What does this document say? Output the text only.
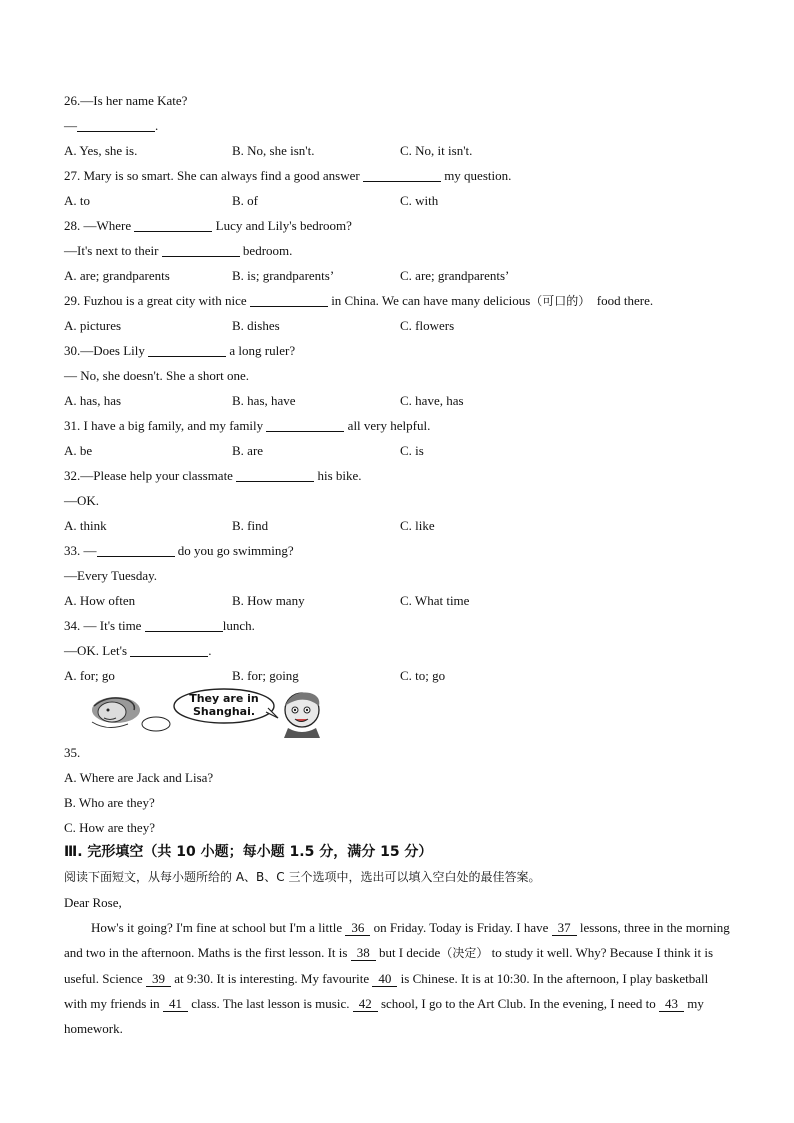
26.—Is her name Kate?
—	.
A. Yes, she is.	B. No, she isn't.	C. No, it isn't.
27. Mary is so smart. She can always find a good answer	my question.
A. to	B. of	C. with
28. —Where	Lucy and Lily's bedroom?
—It's next to their	bedroom.
A. are; grandparents	B. is; grandparents’	C. are; grandparents’
29. Fuzhou is a great city with nice	in China. We can have many delicious（可口的） food there.
A. pictures	B. dishes	C. flowers
30.—Does Lily	a long ruler?
— No, she doesn't. She a short one.
A. has, has	B. has, have	C. have, has
31. I have a big family, and my family	all very helpful.
A. be	B. are	C. is
32.—Please help your classmate	his bike.
—OK.
A. think	B. find	C. like
33. —	do you go swimming?
—Every Tuesday.
A. How often	B. How many	C. What time
34. — It's time	lunch.
—OK. Let's	.
A. for; go	B. for; going	C. to; go
They are in
Shanghai.
35.
A. Where are Jack and Lisa?
B. Who are they?
C. How are they?
Ⅲ. 完形填空（共 10 小题；每小题 1.5 分，满分 15 分）
阅读下面短文，从每小题所给的 A、B、C 三个选项中，选出可以填入空白处的最佳答案。
Dear Rose,
How's it going? I'm fine at school but I'm a little 36 on Friday. Today is Friday. I have 37 lessons, three in the morning and two in the afternoon. Maths is the first lesson. It is 38 but I decide（决定） to study it well. Why? Because I think it is useful. Science 39 at 9:30. It is interesting. My favourite 40 is Chinese. It is at 10:30. In the afternoon, I play basketball with my friends in 41 class. The last lesson is music. 42 school, I go to the Art Club. In the evening, I need to 43 my homework.
